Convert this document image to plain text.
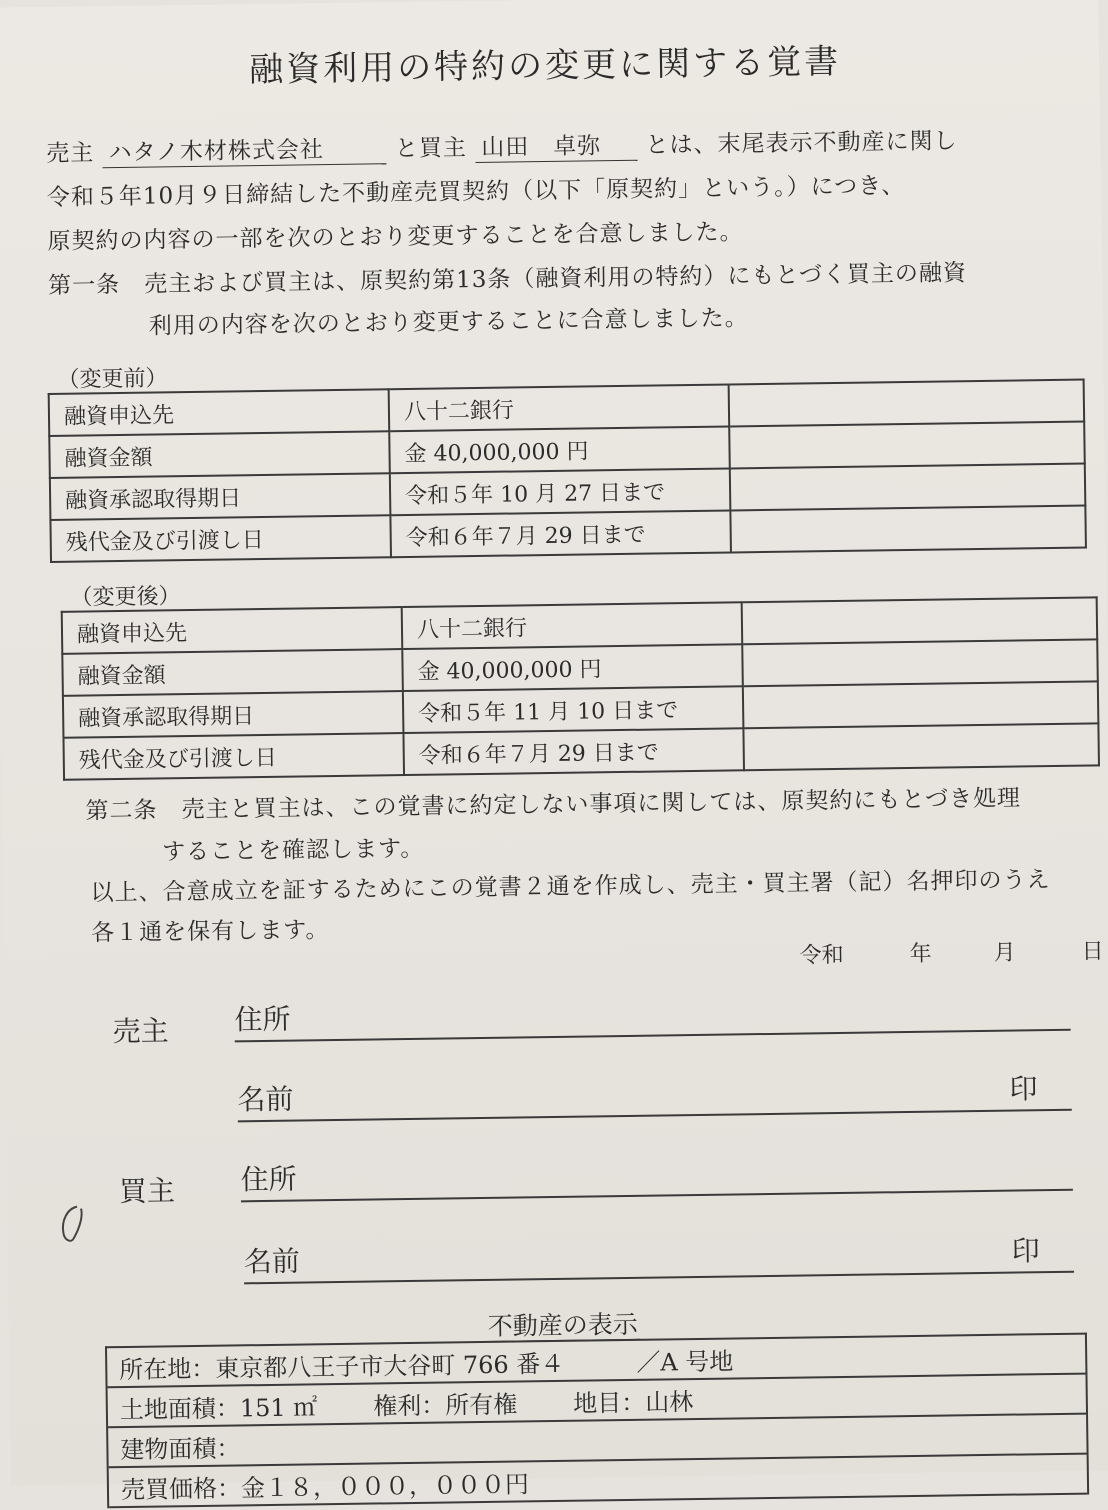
融資利用の特約の変更に関する覚書
売主 ハタノ木材株式会社	と買主 山田　卓弥 とは、末尾表示不動産に関し
令和５年10月９日締結した不動産売買契約（以下「原契約」という。）につき、
原契約の内容の一部を次のとおり変更することを合意しました。
第一条　売主および買主は、原契約第13条（融資利用の特約）にもとづく買主の融資
利用の内容を次のとおり変更することに合意しました。
（変更前）
融資申込先	八十二銀行	
融資金額	金 40,000,000 円	
融資承認取得期日	令和５年 10 月 27 日まで	
残代金及び引渡し日	令和６年７月 29 日まで	
（変更後）
融資申込先	八十二銀行	
融資金額	金 40,000,000 円	
融資承認取得期日	令和５年 11 月 10 日まで	
残代金及び引渡し日	令和６年７月 29 日まで	
第二条　売主と買主は、この覚書に約定しない事項に関しては、原契約にもとづき処理
することを確認します。
以上、合意成立を証するためにこの覚書２通を作成し、売主・買主署（記）名押印のうえ
各１通を保有します。
令和	年	月	日
売主 住所
名前	印
買主 住所
名前	印
不動産の表示
所在地：東京都八王子市大谷町 766 番４　　　／A 号地
土地面積：151 ㎡ 権利：所有権 地目：山林
建物面積：
売買価格：金１８，０００，０００円
